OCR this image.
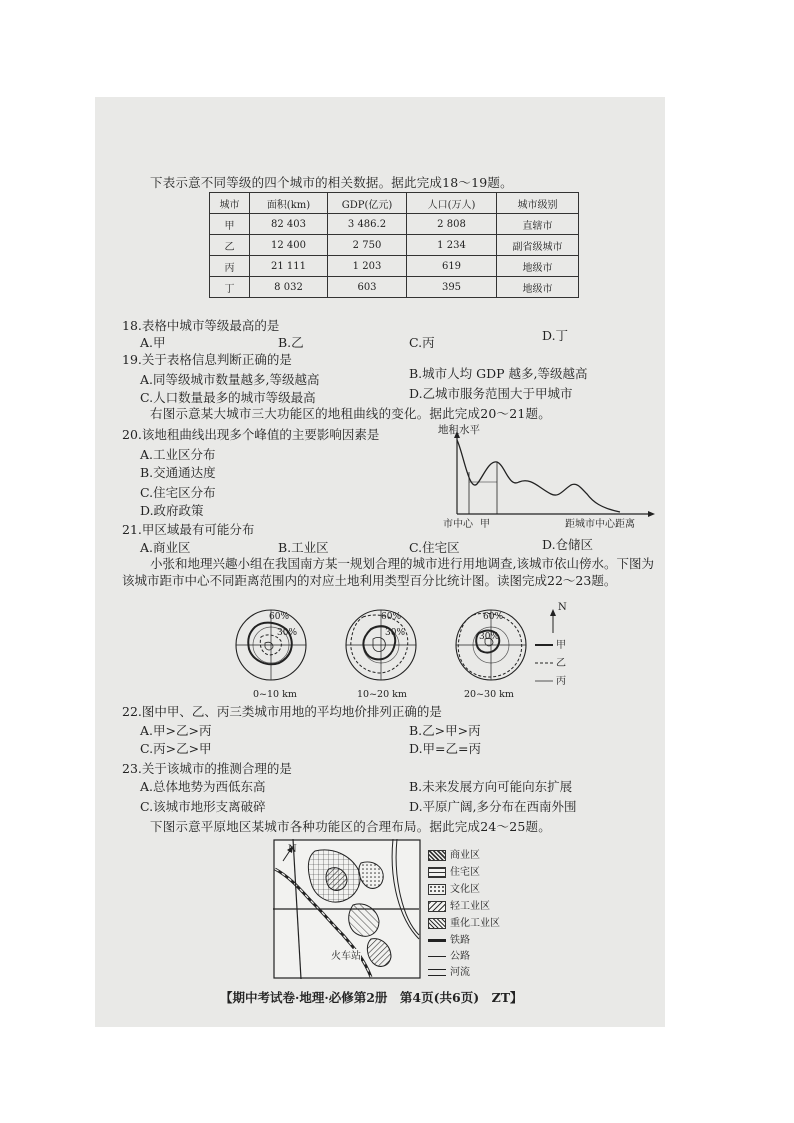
下表示意不同等级的四个城市的相关数据。据此完成18～19题。
城市	面积(km)	GDP(亿元)	人口(万人)	城市级别
甲	82 403	3 486.2	2 808	直辖市
乙	12 400	2 750	1 234	副省级城市
丙	21 111	1 203	619	地级市
丁	8 032	603	395	地级市
18.表格中城市等级最高的是
A.甲	B.乙	C.丙	D.丁
19.关于表格信息判断正确的是
A.同等级城市数量越多,等级越高	B.城市人均 GDP 越多,等级越高
C.人口数量最多的城市等级最高	D.乙城市服务范围大于甲城市
右图示意某大城市三大功能区的地租曲线的变化。据此完成20～21题。
20.该地租曲线出现多个峰值的主要影响因素是
A.工业区分布
B.交通通达度
C.住宅区分布
D.政府政策
地租水平
市中心 甲	距城市中心距离
21.甲区域最有可能分布
A.商业区	B.工业区	C.住宅区	D.仓储区
小张和地理兴趣小组在我国南方某一规划合理的城市进行用地调查,该城市依山傍水。下图为该城市距市中心不同距离范围内的对应土地利用类型百分比统计图。读图完成22～23题。
60%
30%
60%
30%
60%
30%
N
甲
乙
丙
0~10 km	10~20 km	20~30 km
22.图中甲、乙、丙三类城市用地的平均地价排列正确的是
A.甲>乙>丙	B.乙>甲>丙
C.丙>乙>甲	D.甲=乙=丙
23.关于该城市的推测合理的是
A.总体地势为西低东高	B.未来发展方向可能向东扩展
C.该城市地形支离破碎	D.平原广阔,多分布在西南外围
下图示意平原地区某城市各种功能区的合理布局。据此完成24～25题。
N
火车站
商业区
住宅区
文化区
轻工业区
重化工业区
铁路
公路
河流
【期中考试卷·地理·必修第2册　第4页(共6页)　ZT】
